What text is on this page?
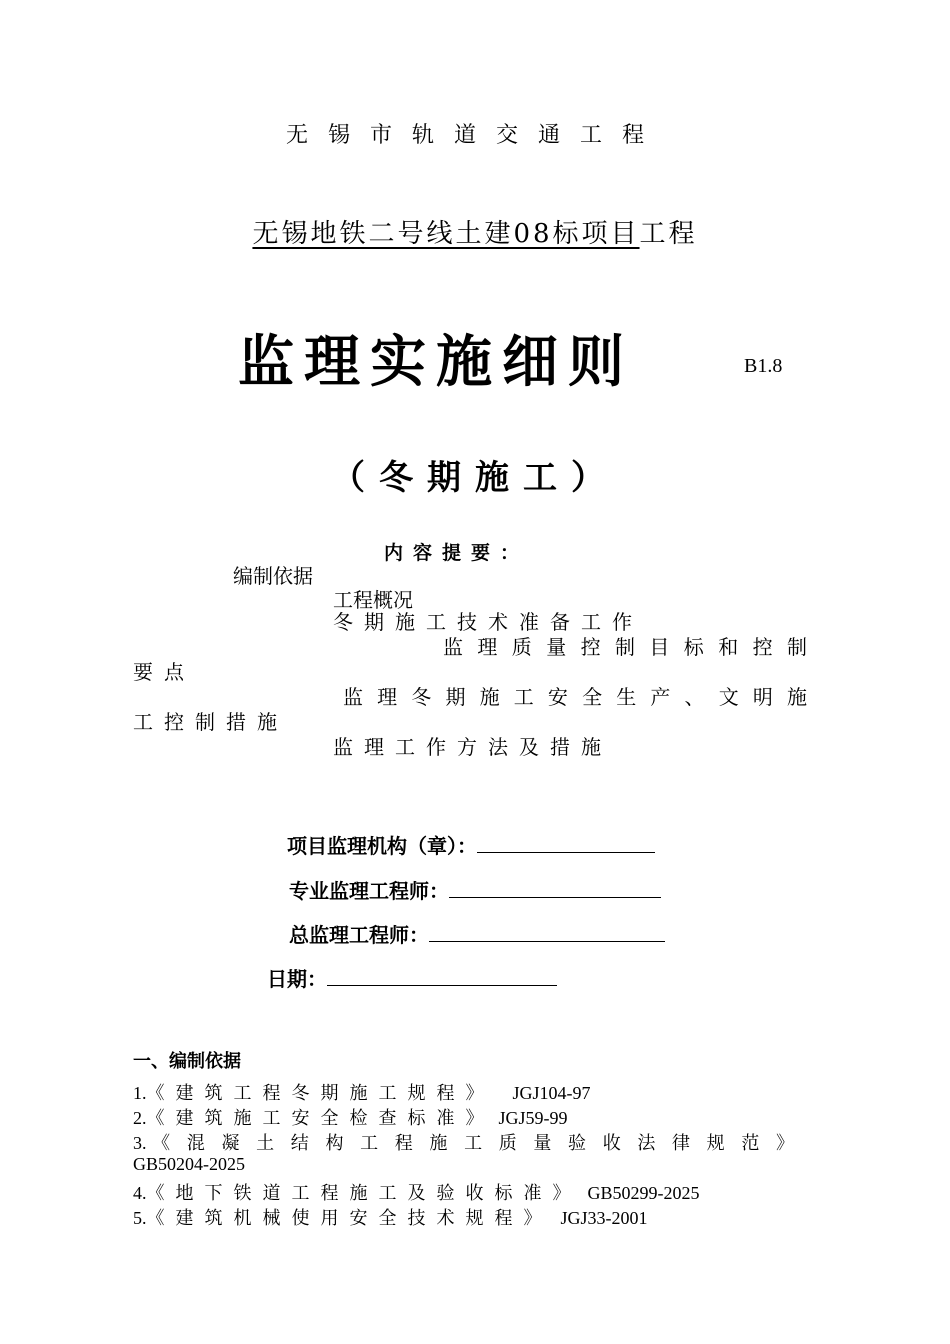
无锡市轨道交通工程
无锡地铁二号线土建08标项目工程
监理实施细则	B1.8
（冬期施工）
内容提要：
编制依据
工程概况
冬期施工技术准备工作
监理质量控制目标和控制
要点
监理冬期施工安全生产、文明施
工控制措施
监理工作方法及措施
项目监理机构（章）：
专业监理工程师：
总监理工程师：
日期：
一、编制依据
1.《建筑工程冬期施工规程》 JGJ104-97
2.《建筑施工安全检查标准》 JGJ59-99
3.《混凝土结构工程施工质量验收法律规范》
GB50204-2025
4.《地下铁道工程施工及验收标准》 GB50299-2025
5.《建筑机械使用安全技术规程》 JGJ33-2001
